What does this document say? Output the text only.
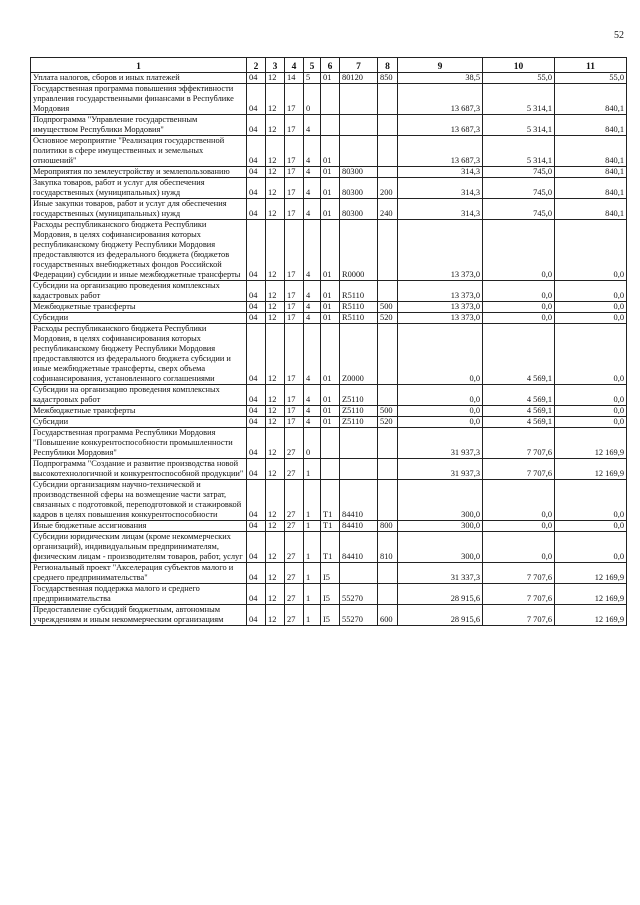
52
1	2	3	4	5	6	7	8	9	10	11
Уплата налогов, сборов и иных платежей	04	12	14	5	01	80120	850	38,5	55,0	55,0
Государственная программа повышения эффективности управления государственными финансами в Республике Мордовия	04	12	17	0				13 687,3	5 314,1	840,1
Подпрограмма "Управление государственным имуществом Республики Мордовия"	04	12	17	4				13 687,3	5 314,1	840,1
Основное мероприятие "Реализация государственной политики в сфере имущественных и земельных отношений"	04	12	17	4	01			13 687,3	5 314,1	840,1
Мероприятия по землеустройству и землепользованию	04	12	17	4	01	80300		314,3	745,0	840,1
Закупка товаров, работ и услуг для обеспечения государственных (муниципальных) нужд	04	12	17	4	01	80300	200	314,3	745,0	840,1
Иные закупки товаров, работ и услуг для обеспечения государственных (муниципальных) нужд	04	12	17	4	01	80300	240	314,3	745,0	840,1
Расходы республиканского бюджета Республики Мордовия, в целях софинансирования которых республиканскому бюджету Республики Мордовия предоставляются из федерального бюджета (бюджетов государственных внебюджетных фондов Российской Федерации) субсидии и иные межбюджетные трансферты	04	12	17	4	01	R0000		13 373,0	0,0	0,0
Субсидии на организацию проведения комплексных кадастровых работ	04	12	17	4	01	R5110		13 373,0	0,0	0,0
Межбюджетные трансферты	04	12	17	4	01	R5110	500	13 373,0	0,0	0,0
Субсидии	04	12	17	4	01	R5110	520	13 373,0	0,0	0,0
Расходы республиканского бюджета Республики Мордовия, в целях софинансирования которых республиканскому бюджету Республики Мордовия предоставляются из федерального бюджета субсидии и иные межбюджетные трансферты, сверх объема софинансирования, установленного соглашениями	04	12	17	4	01	Z0000		0,0	4 569,1	0,0
Субсидии на организацию проведения комплексных кадастровых работ	04	12	17	4	01	Z5110		0,0	4 569,1	0,0
Межбюджетные трансферты	04	12	17	4	01	Z5110	500	0,0	4 569,1	0,0
Субсидии	04	12	17	4	01	Z5110	520	0,0	4 569,1	0,0
Государственная программа Республики Мордовия "Повышение конкурентоспособности промышленности Республики Мордовия"	04	12	27	0				31 937,3	7 707,6	12 169,9
Подпрограмма "Создание и развитие производства новой высокотехнологичной и конкурентоспособной продукции"	04	12	27	1				31 937,3	7 707,6	12 169,9
Субсидии организациям научно-технической и производственной сферы на возмещение части затрат, связанных с подготовкой, переподготовкой и стажировкой кадров в целях повышения конкурентоспособности	04	12	27	1	Т1	84410		300,0	0,0	0,0
Иные бюджетные ассигнования	04	12	27	1	Т1	84410	800	300,0	0,0	0,0
Субсидии юридическим лицам (кроме некоммерческих организаций), индивидуальным предпринимателям, физическим лицам - производителям товаров, работ, услуг	04	12	27	1	Т1	84410	810	300,0	0,0	0,0
Региональный проект "Акселерация субъектов малого и среднего предпринимательства"	04	12	27	1	I5			31 337,3	7 707,6	12 169,9
Государственная поддержка малого и среднего предпринимательства	04	12	27	1	I5	55270		28 915,6	7 707,6	12 169,9
Предоставление субсидий бюджетным, автономным учреждениям и иным некоммерческим организациям	04	12	27	1	I5	55270	600	28 915,6	7 707,6	12 169,9
